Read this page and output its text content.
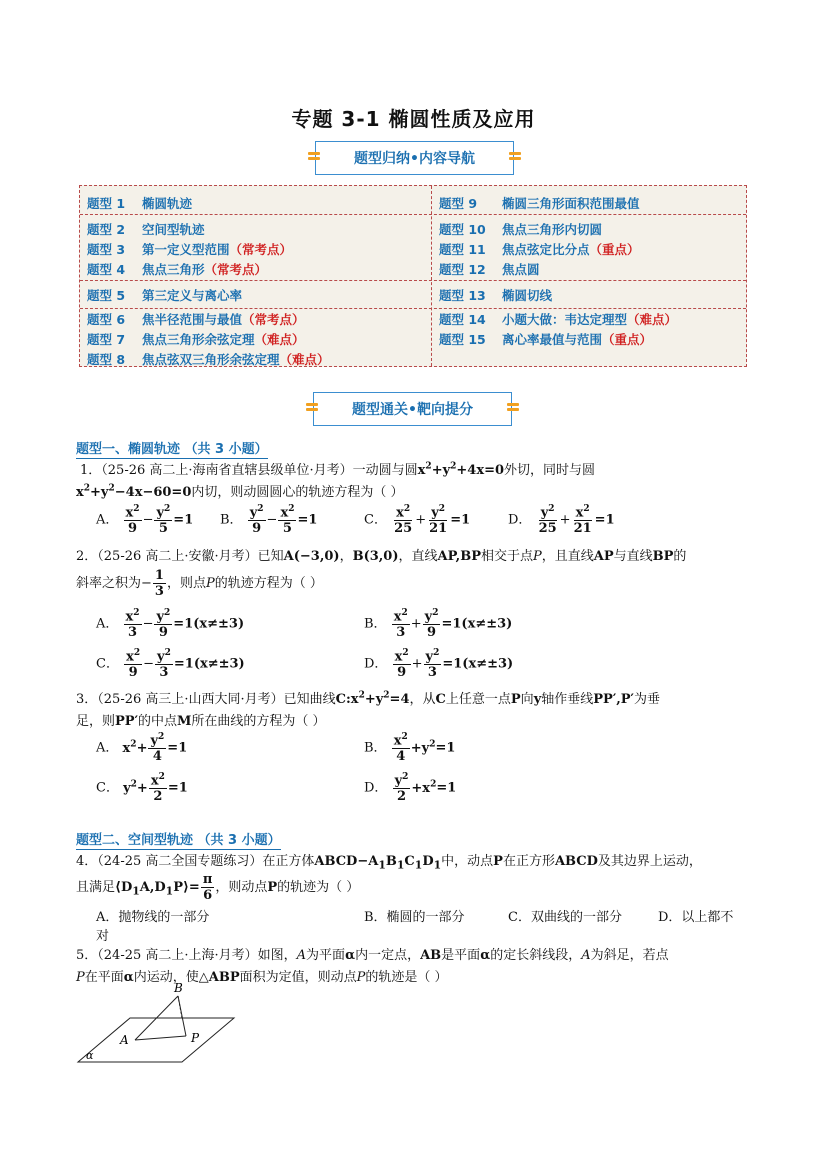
专题 3-1 椭圆性质及应用
题型归纳•内容导航
题型 1 椭圆轨迹
题型 2 空间型轨迹
题型 3 第一定义型范围（常考点）
题型 4 焦点三角形（常考点）
题型 5 第三定义与离心率
题型 6 焦半径范围与最值（常考点）
题型 7 焦点三角形余弦定理（难点）
题型 8 焦点弦双三角形余弦定理（难点）
题型 9 椭圆三角形面积范围最值
题型 10 焦点三角形内切圆
题型 11 焦点弦定比分点（重点）
题型 12 焦点圆
题型 13 椭圆切线
题型 14 小题大做：韦达定理型（难点）
题型 15 离心率最值与范围（重点）
题型通关•靶向提分
题型一、椭圆轨迹 （共 3 小题）
1．（25-26 高二上·海南省直辖县级单位·月考）一动圆与圆$x^2+y^2+4x=0$外切，同时与圆
$x^2+y^2-4x-60=0$内切，则动圆圆心的轨迹方程为（ ）
A． $\frac{x^2}{9} - \frac{y^2}{5} =1$ B． $\frac{y^2}{9} - \frac{x^2}{5} =1$	C． $\frac{x^2}{25} + \frac{y^2}{21} =1$	D． $\frac{y^2}{25} + \frac{x^2}{21} =1$
2．（25-26 高二上·安徽·月考）已知A(−3,0)，B(3,0)，直线AP,BP相交于点P，且直线AP与直线BP的
斜率之积为− $\frac{1}{3}$ ，则点P的轨迹方程为（ ）
A． $\frac{x^2}{3} - \frac{y^2}{9} =1(x\ne\pm 3)$	B． $\frac{x^2}{3} + \frac{y^2}{9} =1(x\ne\pm 3)$
C． $\frac{x^2}{9} - \frac{y^2}{3} =1(x\ne\pm 3)$	D． $\frac{x^2}{9} + \frac{y^2}{3} =1(x\ne\pm 3)$
3．（25-26 高三上·山西大同·月考）已知曲线$C:x^2+y^2=4$，从C上任意一点P向y轴作垂线PP′,P′为垂
足，则PP′的中点M所在曲线的方程为（ ）
A． $x^2+ \frac{y^2}{4} =1$	B． $\frac{x^2}{4} +y^2=1$
C． $y^2+ \frac{x^2}{2} =1$	D． $\frac{y^2}{2} +x^2=1$
题型二、空间型轨迹 （共 3 小题）
4．（24-25 高二全国专题练习）在正方体$ABCD-A_1B_1C_1D_1$中，动点P在正方形ABCD及其边界上运动，
且满足$⟨D_1A,D_1P⟩= \frac{\pi}{6}$ ，则动点P的轨迹为（ ）
A．抛物线的一部分	B．椭圆的一部分	C．双曲线的一部分	D．以上都不
对
5．（24-25 高二上·上海·月考）如图，A为平面α内一定点，AB是平面α的定长斜线段，A为斜足，若点
P在平面α内运动，使△ABP面积为定值，则动点P的轨迹是（ ）
B
A	P
α
